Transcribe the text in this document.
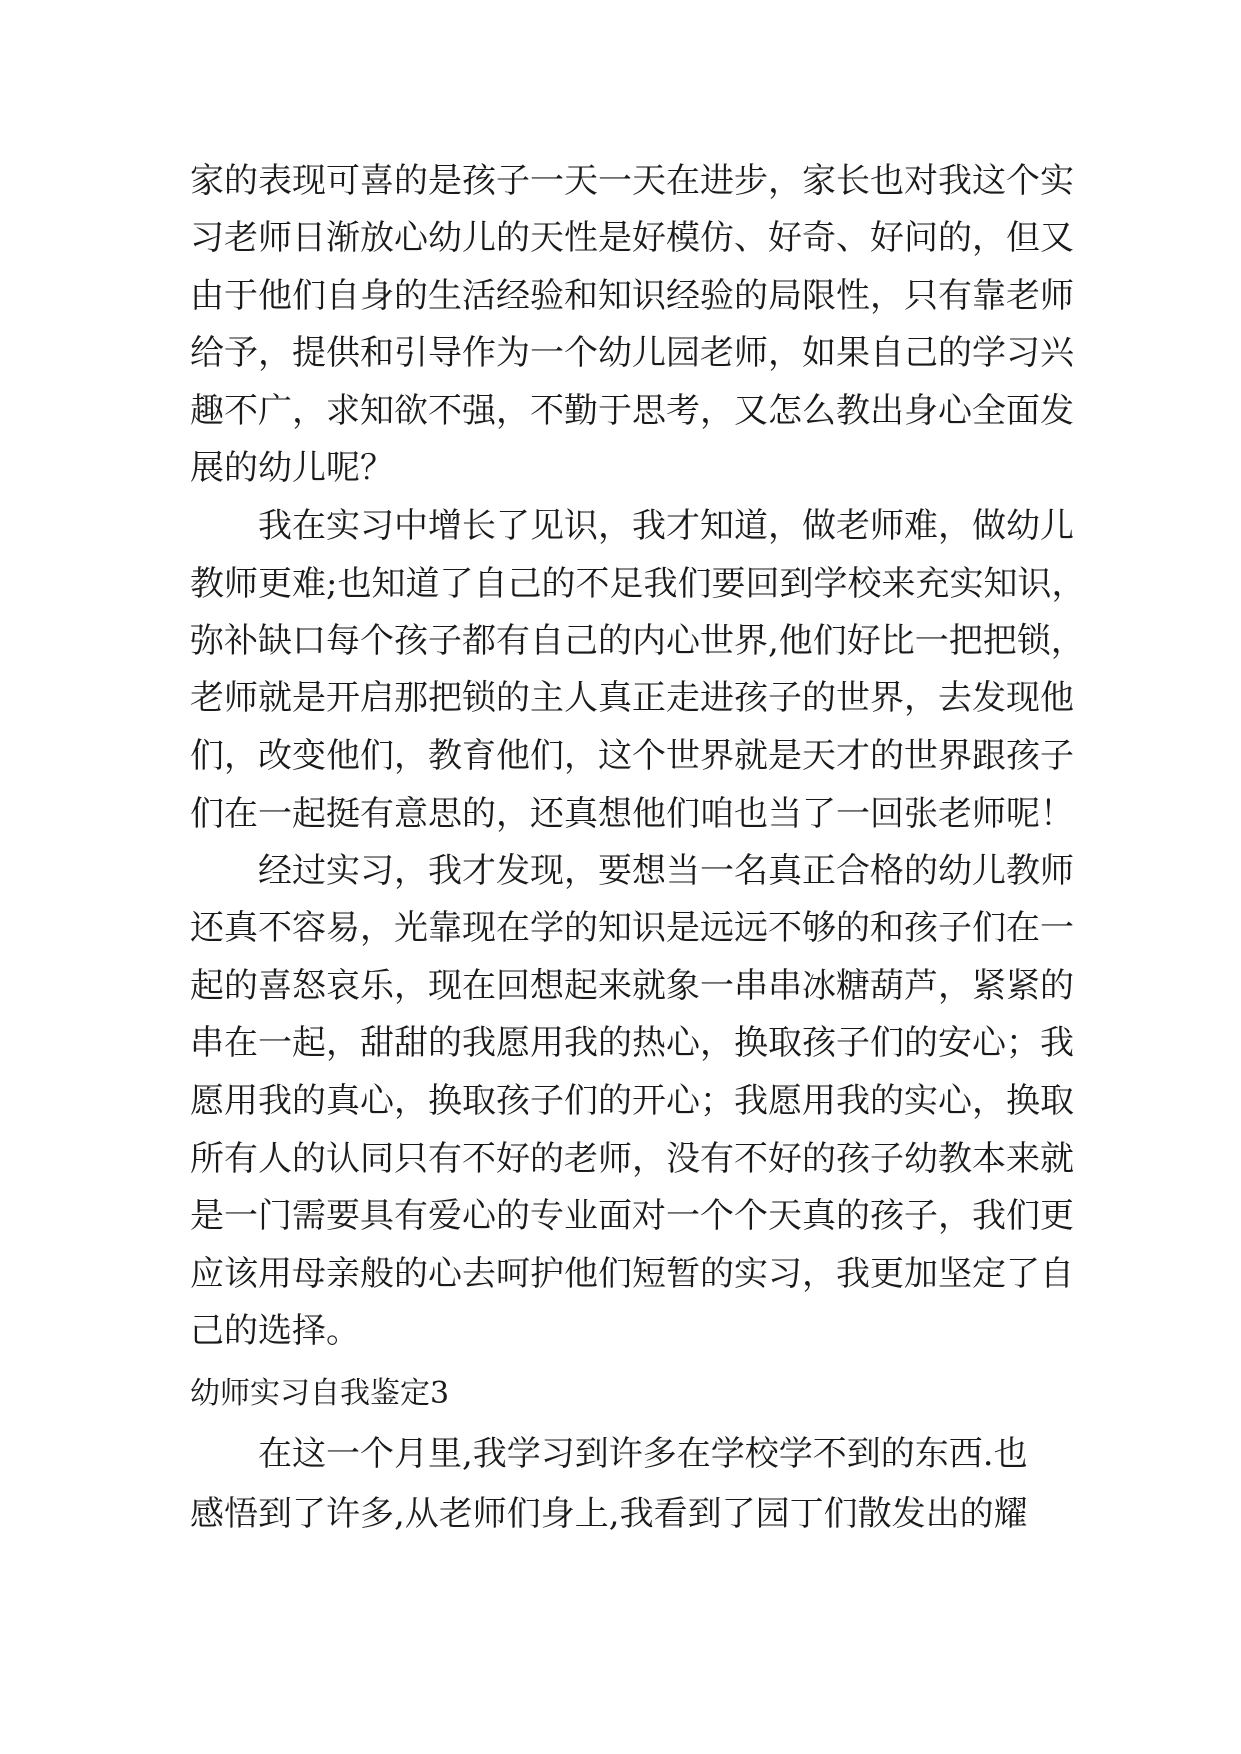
家的表现可喜的是孩子一天一天在进步，家长也对我这个实
习老师日渐放心幼儿的天性是好模仿、好奇、好问的，但又
由于他们自身的生活经验和知识经验的局限性，只有靠老师
给予，提供和引导作为一个幼儿园老师，如果自己的学习兴
趣不广，求知欲不强，不勤于思考，又怎么教出身心全面发
展的幼儿呢？
我在实习中增长了见识，我才知道，做老师难，做幼儿
教师更难;也知道了自己的不足我们要回到学校来充实知识，
弥补缺口每个孩子都有自己的内心世界,他们好比一把把锁，
老师就是开启那把锁的主人真正走进孩子的世界，去发现他
们，改变他们，教育他们，这个世界就是天才的世界跟孩子
们在一起挺有意思的，还真想他们咱也当了一回张老师呢！
经过实习，我才发现，要想当一名真正合格的幼儿教师
还真不容易，光靠现在学的知识是远远不够的和孩子们在一
起的喜怒哀乐，现在回想起来就象一串串冰糖葫芦，紧紧的
串在一起，甜甜的我愿用我的热心，换取孩子们的安心；我
愿用我的真心，换取孩子们的开心；我愿用我的实心，换取
所有人的认同只有不好的老师，没有不好的孩子幼教本来就
是一门需要具有爱心的专业面对一个个天真的孩子，我们更
应该用母亲般的心去呵护他们短暂的实习，我更加坚定了自
己的选择。
幼师实习自我鉴定3
在这一个月里,我学习到许多在学校学不到的东西.也
感悟到了许多,从老师们身上,我看到了园丁们散发出的耀
